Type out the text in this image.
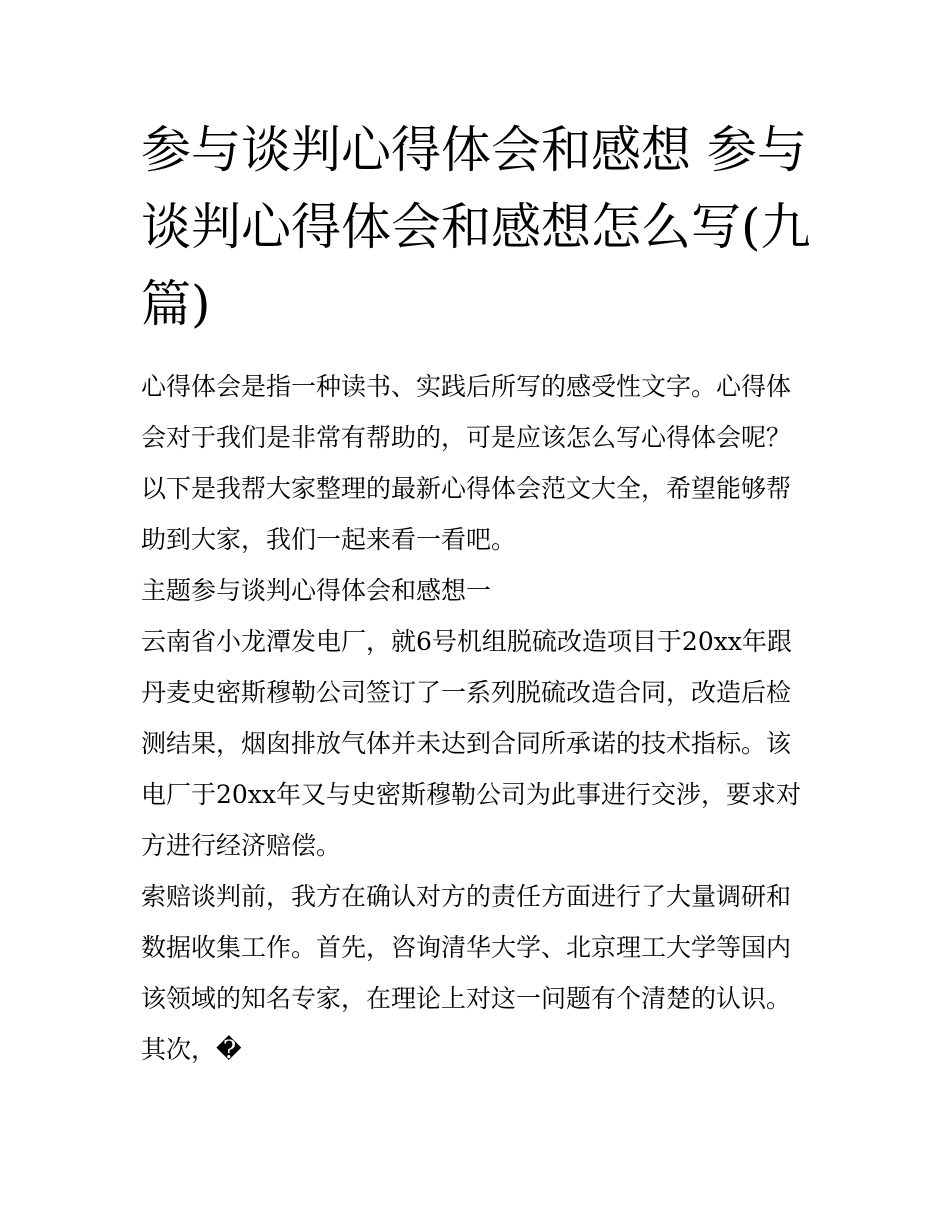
参与谈判心得体会和感想 参与谈判心得体会和感想怎么写(九篇)

心得体会是指一种读书、实践后所写的感受性文字。心得体会对于我们是非常有帮助的，可是应该怎么写心得体会呢？以下是我帮大家整理的最新心得体会范文大全，希望能够帮助到大家，我们一起来看一看吧。

主题参与谈判心得体会和感想一

云南省小龙潭发电厂，就6号机组脱硫改造项目于20xx年跟丹麦史密斯穆勒公司签订了一系列脱硫改造合同，改造后检测结果，烟囱排放气体并未达到合同所承诺的技术指标。该电厂于20xx年又与史密斯穆勒公司为此事进行交涉，要求对方进行经济赔偿。

索赔谈判前，我方在确认对方的责任方面进行了大量调研和数据收集工作。首先，咨询清华大学、北京理工大学等国内该领域的知名专家，在理论上对这一问题有个清楚的认识。其次，�
